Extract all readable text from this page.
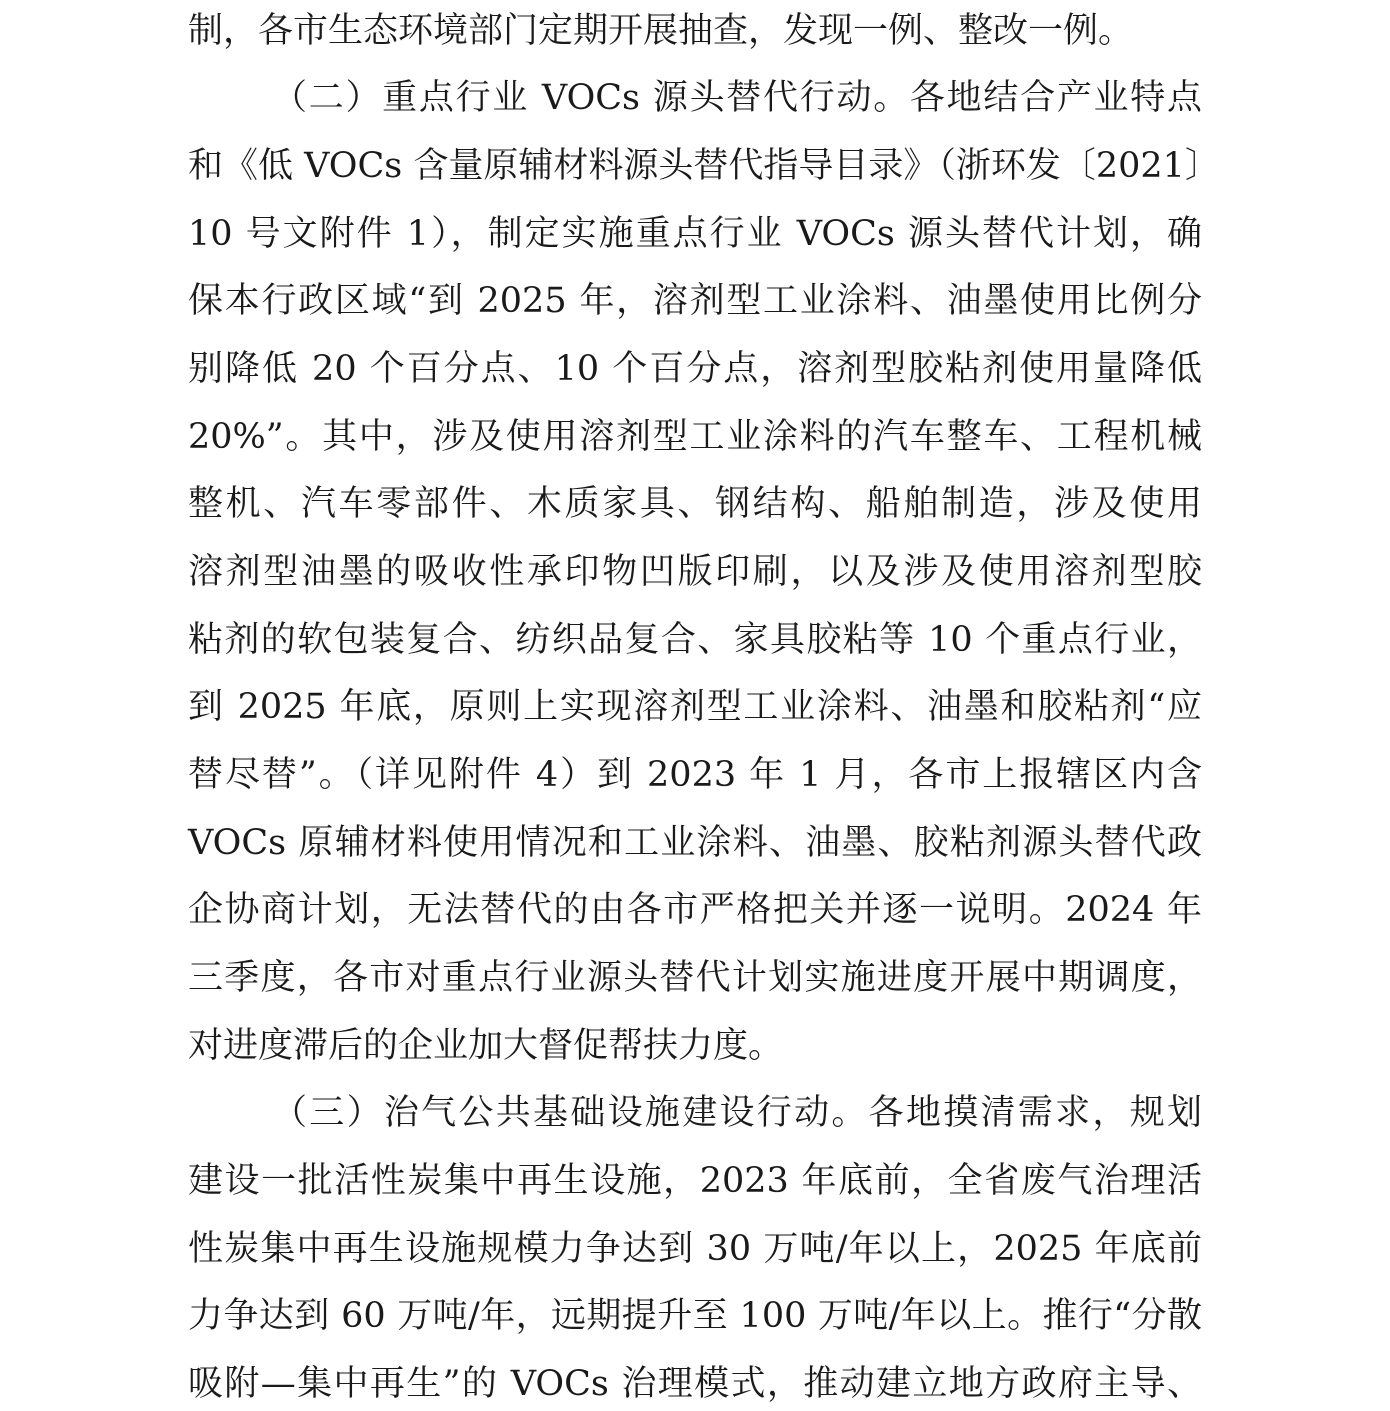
制，各市生态环境部门定期开展抽查，发现一例、整改一例。
（二）重点行业 VOCs 源头替代行动。各地结合产业特点
和《低 VOCs 含量原辅材料源头替代指导目录》（浙环发〔2021〕
10 号文附件 1），制定实施重点行业 VOCs 源头替代计划，确
保本行政区域“到 2025 年，溶剂型工业涂料、油墨使用比例分
别降低 20 个百分点、10 个百分点，溶剂型胶粘剂使用量降低
20%”。其中，涉及使用溶剂型工业涂料的汽车整车、工程机械
整机、汽车零部件、木质家具、钢结构、船舶制造，涉及使用
溶剂型油墨的吸收性承印物凹版印刷，以及涉及使用溶剂型胶
粘剂的软包装复合、纺织品复合、家具胶粘等 10 个重点行业，
到 2025 年底，原则上实现溶剂型工业涂料、油墨和胶粘剂“应
替尽替”。（详见附件 4）到 2023 年 1 月，各市上报辖区内含
VOCs 原辅材料使用情况和工业涂料、油墨、胶粘剂源头替代政
企协商计划，无法替代的由各市严格把关并逐一说明。2024 年
三季度，各市对重点行业源头替代计划实施进度开展中期调度，
对进度滞后的企业加大督促帮扶力度。
（三）治气公共基础设施建设行动。各地摸清需求，规划
建设一批活性炭集中再生设施，2023 年底前，全省废气治理活
性炭集中再生设施规模力争达到 30 万吨/年以上，2025 年底前
力争达到 60 万吨/年，远期提升至 100 万吨/年以上。推行“分散
吸附—集中再生”的 VOCs 治理模式，推动建立地方政府主导、
